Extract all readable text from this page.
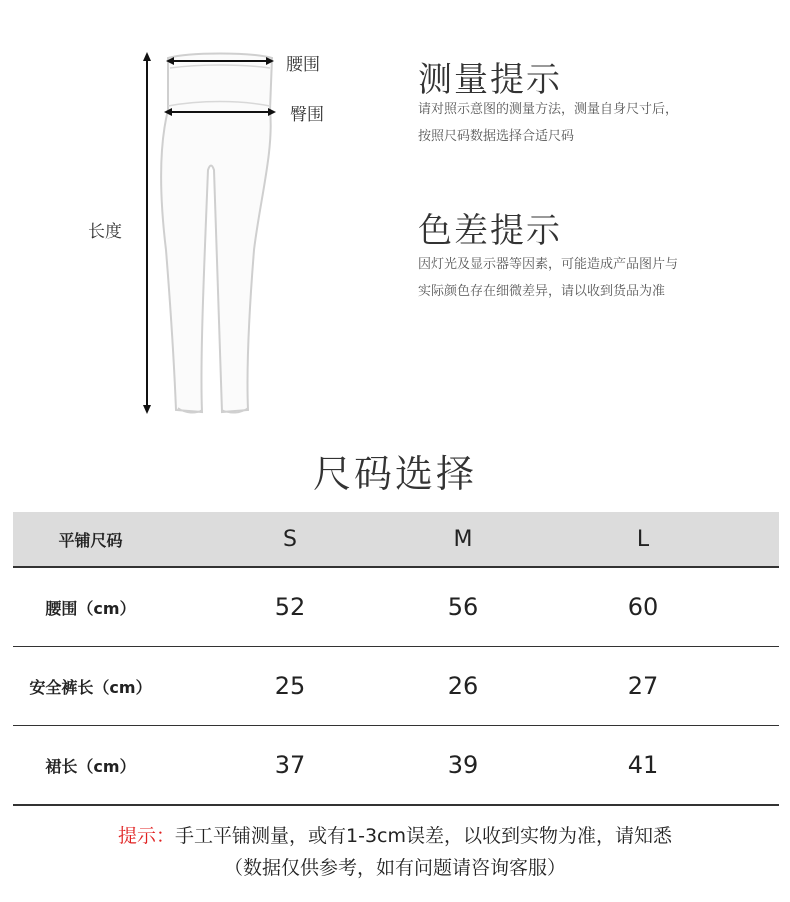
腰围
臀围
长度
测量提示
请对照示意图的测量方法，测量自身尺寸后，
按照尺码数据选择合适尺码
色差提示
因灯光及显示器等因素，可能造成产品图片与
实际颜色存在细微差异，请以收到货品为准
尺码选择
平铺尺码	S	M	L
腰围（cm）	52	56	60
安全裤长（cm）	25	26	27
裙长（cm）	37	39	41
提示：手工平铺测量，或有1-3cm误差，以收到实物为准，请知悉
（数据仅供参考，如有问题请咨询客服）
